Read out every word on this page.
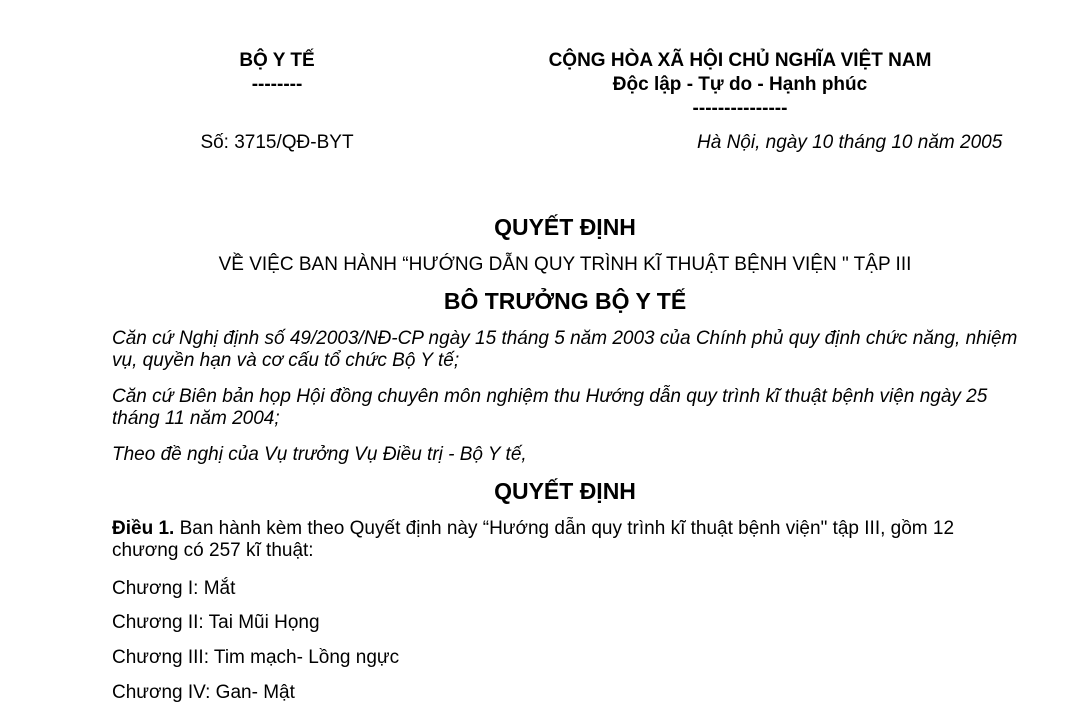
BỘ Y TẾ
--------
CỘNG HÒA XÃ HỘI CHỦ NGHĨA VIỆT NAM
Độc lập - Tự do - Hạnh phúc
---------------
Số: 3715/QĐ-BYT	Hà Nội, ngày 10 tháng 10 năm 2005
QUYẾT ĐỊNH
VỀ VIỆC BAN HÀNH “HƯỚNG DẪN QUY TRÌNH KĨ THUẬT BỆNH VIỆN " TẬP III
BÔ TRƯỞNG BỘ Y TẾ
Căn cứ Nghị định số 49/2003/NĐ-CP ngày 15 tháng 5 năm 2003 của Chính phủ quy định chức năng, nhiệm vụ, quyền hạn và cơ cấu tổ chức Bộ Y tế;
Căn cứ Biên bản họp Hội đồng chuyên môn nghiệm thu Hướng dẫn quy trình kĩ thuật bệnh viện ngày 25 tháng 11 năm 2004;
Theo đề nghị của Vụ trưởng Vụ Điều trị - Bộ Y tế,
QUYẾT ĐỊNH
Điều 1. Ban hành kèm theo Quyết định này “Hướng dẫn quy trình kĩ thuật bệnh viện" tập III, gồm 12 chương có 257 kĩ thuật:
Chương I: Mắt
Chương II: Tai Mũi Họng
Chương III: Tim mạch- Lồng ngực
Chương IV: Gan- Mật
